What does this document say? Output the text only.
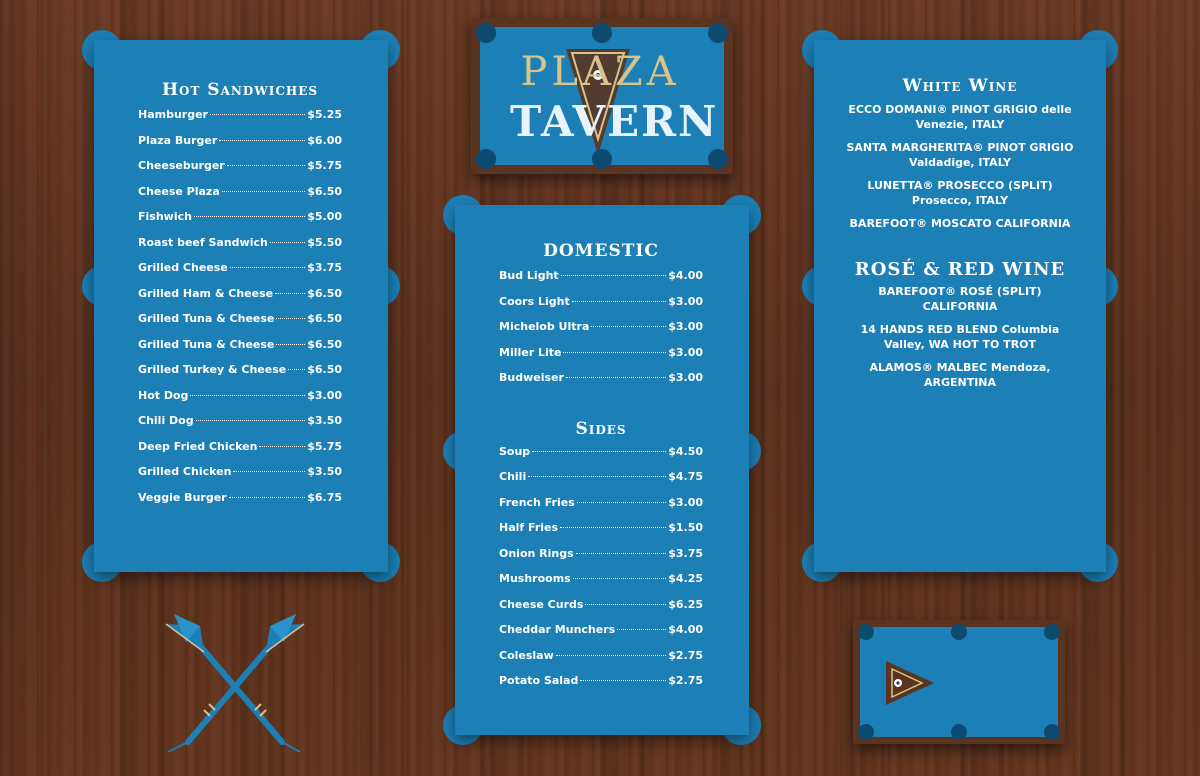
PLAZA
TAVERN
Hot Sandwiches
Hamburger	$5.25
Plaza Burger	$6.00
Cheeseburger	$5.75
Cheese Plaza	$6.50
Fishwich	$5.00
Roast beef Sandwich	$5.50
Grilled Cheese	$3.75
Grilled Ham & Cheese	$6.50
Grilled Tuna & Cheese	$6.50
Grilled Tuna & Cheese	$6.50
Grilled Turkey & Cheese $6.50
Hot Dog	$3.00
Chili Dog	$3.50
Deep Fried Chicken	$5.75
Grilled Chicken	$3.50
Veggie Burger	$6.75
DOMESTIC
Bud Light	$4.00
Coors Light	$3.00
Michelob Ultra	$3.00
Miller Lite	$3.00
Budweiser	$3.00
Sides
Soup	$4.50
Chili	$4.75
French Fries	$3.00
Half Fries	$1.50
Onion Rings	$3.75
Mushrooms	$4.25
Cheese Curds	$6.25
Cheddar Munchers	$4.00
Coleslaw	$2.75
Potato Salad	$2.75
White Wine
ECCO DOMANI® PINOT GRIGIO delle Venezie, ITALY
SANTA MARGHERITA® PINOT GRIGIO Valdadige, ITALY
LUNETTA® PROSECCO (SPLIT) Prosecco, ITALY
BAREFOOT® MOSCATO CALIFORNIA
ROSÉ & RED WINE
BAREFOOT® ROSÉ (SPLIT) CALIFORNIA
14 HANDS RED BLEND Columbia Valley, WA HOT TO TROT
ALAMOS® MALBEC Mendoza, ARGENTINA
